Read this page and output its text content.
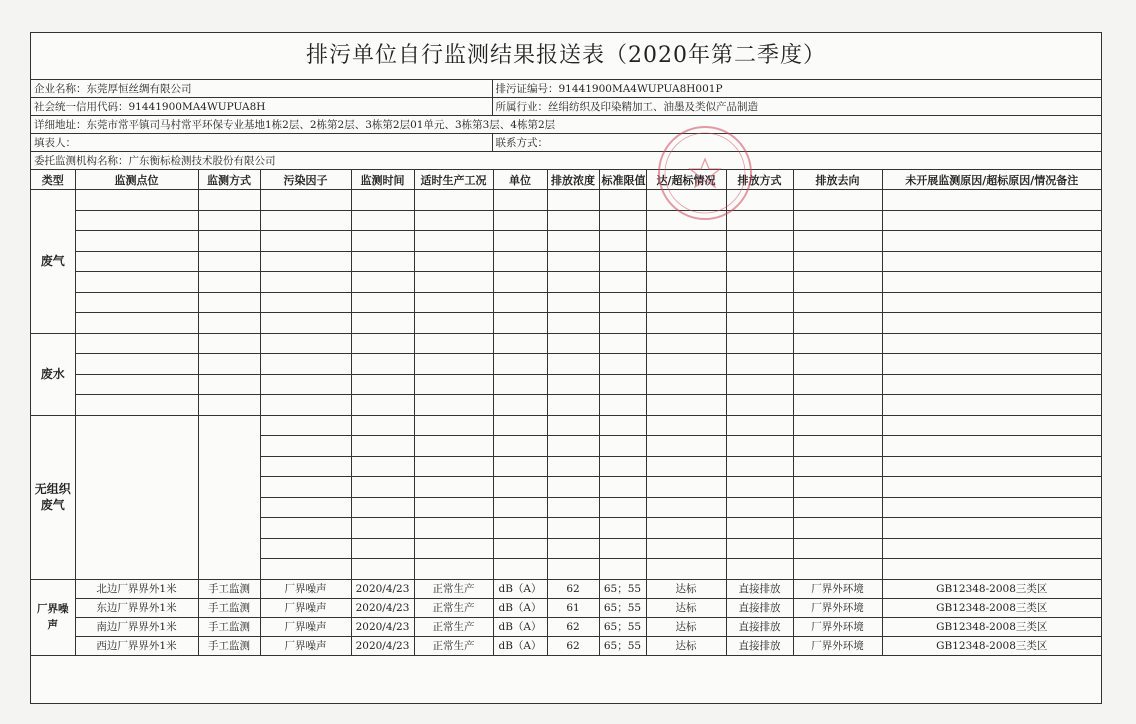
排污单位自行监测结果报送表（2020年第二季度）
企业名称：东莞厚恒丝绸有限公司	排污证编号：91441900MA4WUPUA8H001P
社会统一信用代码：91441900MA4WUPUA8H	所属行业：丝绢纺织及印染精加工、油墨及类似产品制造
详细地址：东莞市常平镇司马村常平环保专业基地1栋2层、2栋第2层、3栋第2层01单元、3栋第3层、4栋第2层	
填表人：	联系方式：
委托监测机构名称：广东衡标检测技术股份有限公司	
类型	监测点位	监测方式	污染因子	监测时间	适时生产工况	单位	排放浓度	标准限值	达/超标情况	排放方式	排放去向	未开展监测原因/超标原因/情况备注
废气												

废水												

无组织废气												

厂界噪声	北边厂界界外1米	手工监测	厂界噪声	2020/4/23	正常生产	dB（A）	62	65；55	达标	直接排放	厂界外环境	GB12348-2008三类区
	东边厂界界外1米	手工监测	厂界噪声	2020/4/23	正常生产	dB（A）	61	65；55	达标	直接排放	厂界外环境	GB12348-2008三类区
	南边厂界界外1米	手工监测	厂界噪声	2020/4/23	正常生产	dB（A）	62	65；55	达标	直接排放	厂界外环境	GB12348-2008三类区
	西边厂界界外1米	手工监测	厂界噪声	2020/4/23	正常生产	dB（A）	62	65；55	达标	直接排放	厂界外环境	GB12348-2008三类区
